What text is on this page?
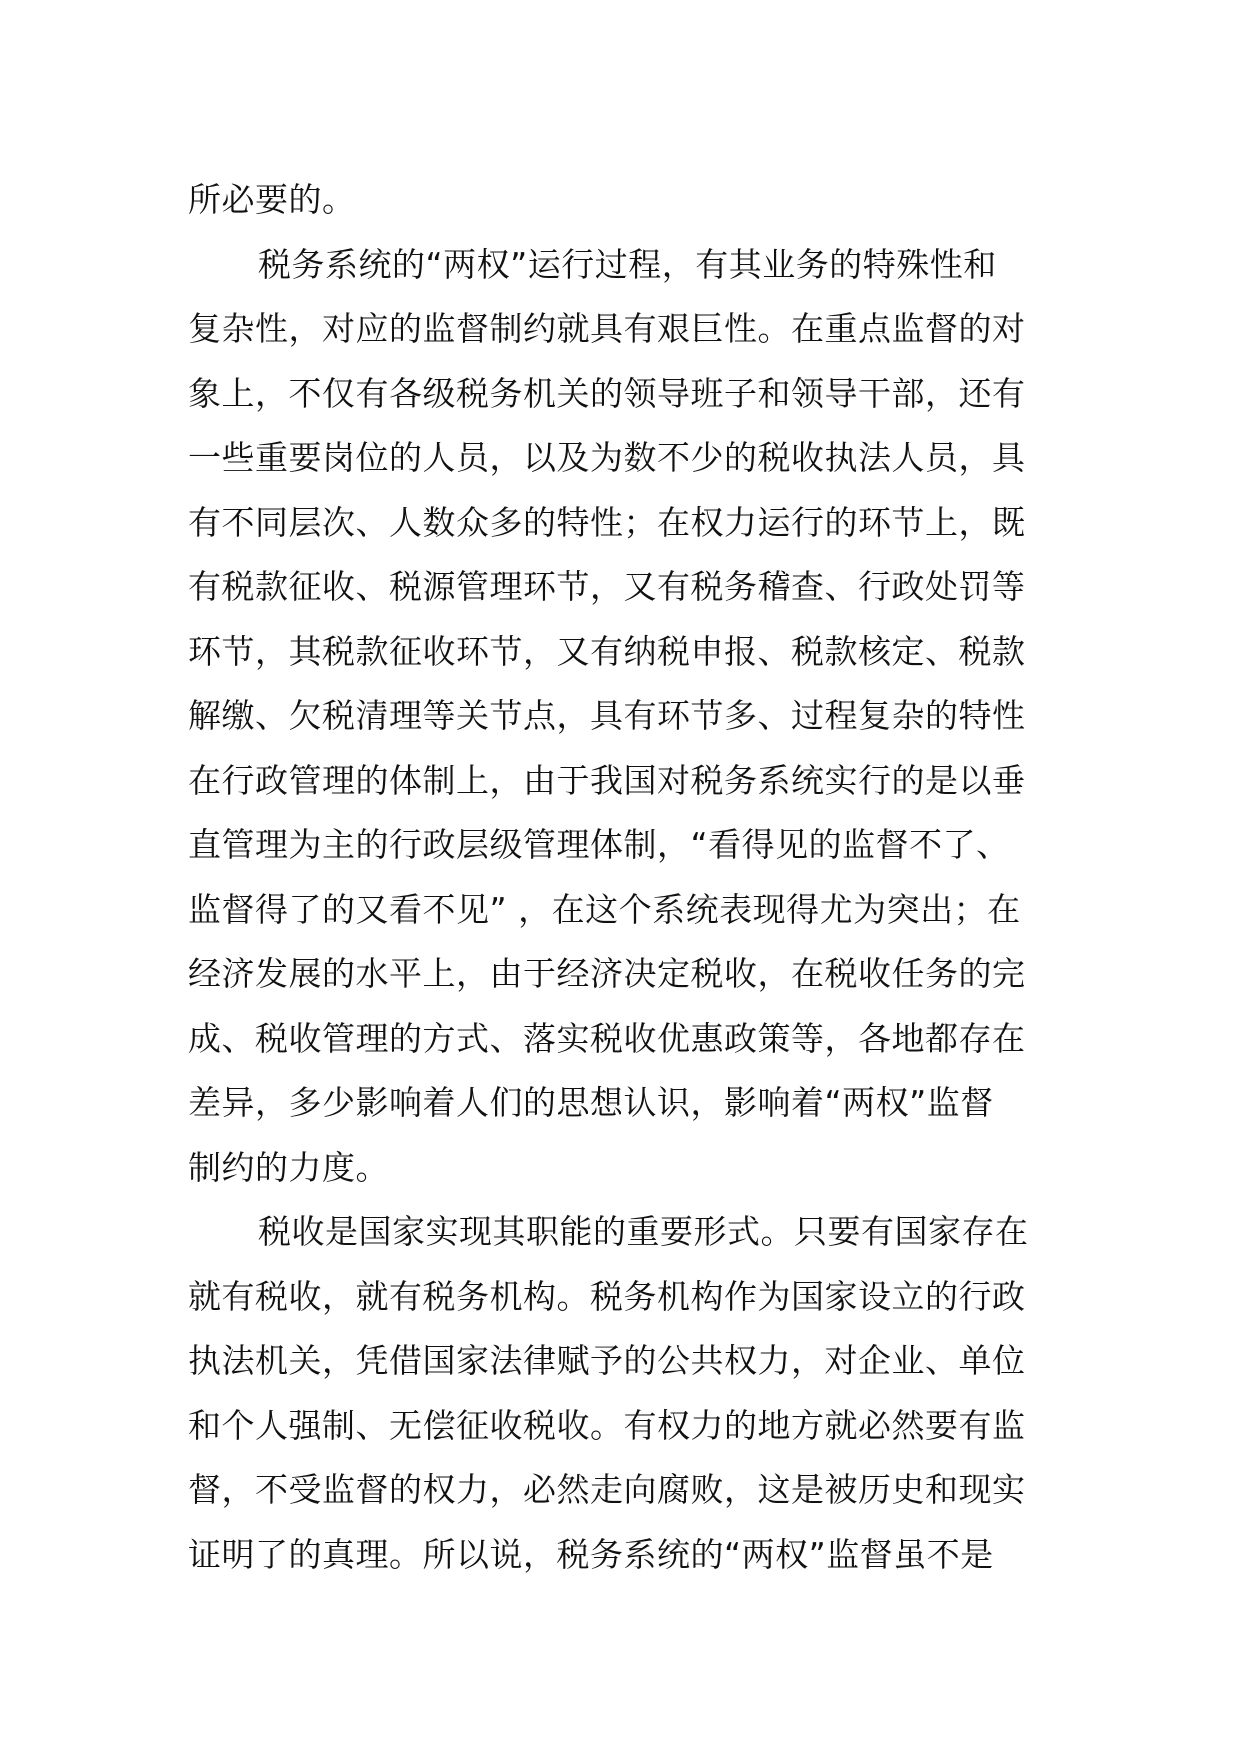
所必要的。
税务系统的“两权”运行过程，有其业务的特殊性和
复杂性，对应的监督制约就具有艰巨性。在重点监督的对
象上，不仅有各级税务机关的领导班子和领导干部，还有
一些重要岗位的人员，以及为数不少的税收执法人员，具
有不同层次、人数众多的特性；在权力运行的环节上，既
有税款征收、税源管理环节，又有税务稽查、行政处罚等
环节，其税款征收环节，又有纳税申报、税款核定、税款
解缴、欠税清理等关节点，具有环节多、过程复杂的特性
在行政管理的体制上，由于我国对税务系统实行的是以垂
直管理为主的行政层级管理体制，“看得见的监督不了、
监督得了的又看不见” ，在这个系统表现得尤为突出；在
经济发展的水平上，由于经济决定税收，在税收任务的完
成、税收管理的方式、落实税收优惠政策等，各地都存在
差异，多少影响着人们的思想认识，影响着“两权”监督
制约的力度。
税收是国家实现其职能的重要形式。只要有国家存在
就有税收，就有税务机构。税务机构作为国家设立的行政
执法机关，凭借国家法律赋予的公共权力，对企业、单位
和个人强制、无偿征收税收。有权力的地方就必然要有监
督，不受监督的权力，必然走向腐败，这是被历史和现实
证明了的真理。所以说，税务系统的“两权”监督虽不是
